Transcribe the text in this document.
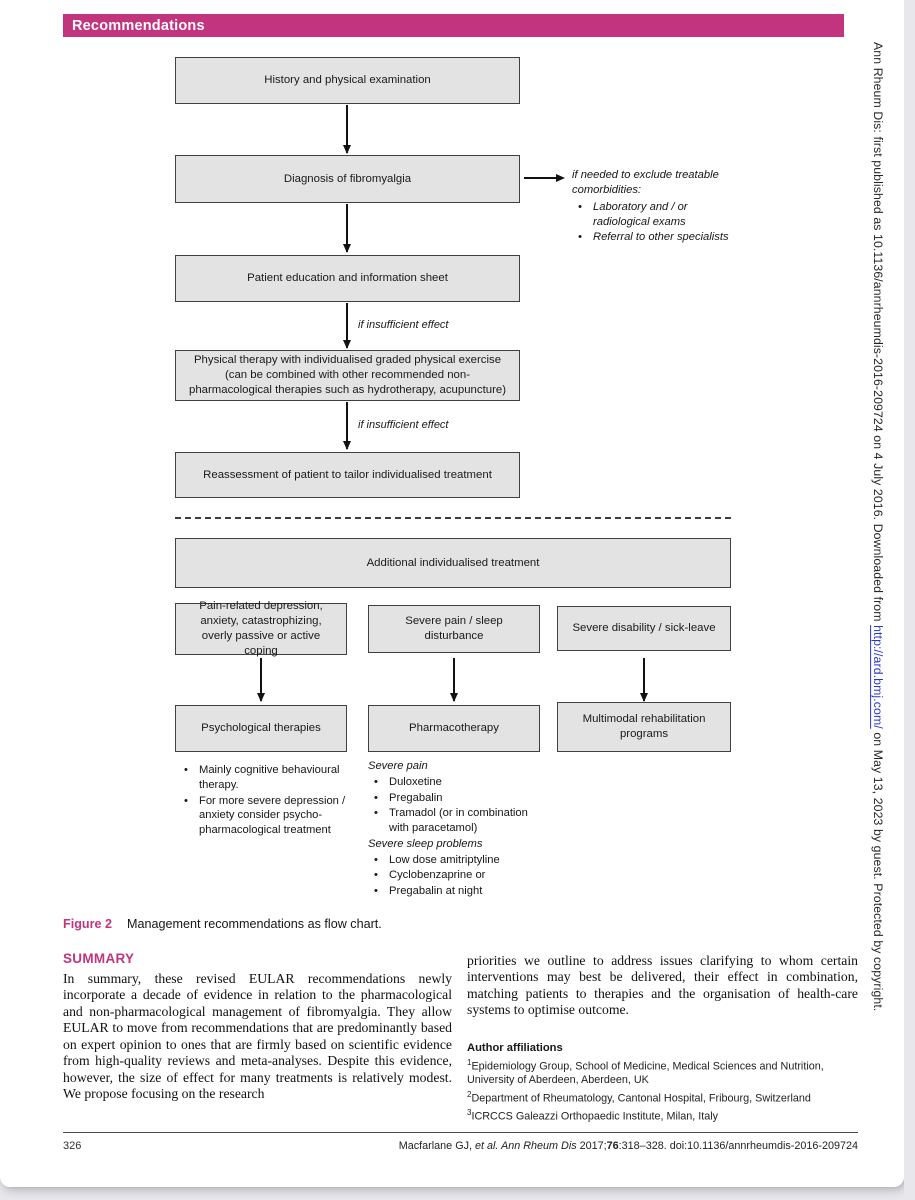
Recommendations
History and physical examination
Diagnosis of fibromyalgia	if needed to exclude treatable comorbidities:
• Laboratory and / or radiological exams
• Referral to other specialists
Patient education and information sheet
if insufficient effect
Physical therapy with individualised graded physical exercise (can be combined with other recommended non-pharmacological therapies such as hydrotherapy, acupuncture)
if insufficient effect
Reassessment of patient to tailor individualised treatment
Additional individualised treatment
Pain-related depression, anxiety, catastrophizing, overly passive or active coping
Severe pain / sleep disturbance
Severe disability / sick-leave
Psychological therapies	Pharmacotherapy
Multimodal rehabilitation programs
• Mainly cognitive behavioural therapy.
• For more severe depression / anxiety consider psycho-pharmacological treatment
Severe pain
• Duloxetine
• Pregabalin
• Tramadol (or in combination with paracetamol)
Severe sleep problems
• Low dose amitriptyline
• Cyclobenzaprine or
• Pregabalin at night
Figure 2 Management recommendations as flow chart.
SUMMARY
In summary, these revised EULAR recommendations newly incorporate a decade of evidence in relation to the pharmacological and non-pharmacological management of fibromyalgia. They allow EULAR to move from recommendations that are predominantly based on expert opinion to ones that are firmly based on scientific evidence from high-quality reviews and meta-analyses. Despite this evidence, however, the size of effect for many treatments is relatively modest. We propose focusing on the research
priorities we outline to address issues clarifying to whom certain interventions may best be delivered, their effect in combination, matching patients to therapies and the organisation of health-care systems to optimise outcome.
Author affiliations
$^1$Epidemiology Group, School of Medicine, Medical Sciences and Nutrition, University of Aberdeen, Aberdeen, UK
$^2$Department of Rheumatology, Cantonal Hospital, Fribourg, Switzerland
$^3$ICRCCS Galeazzi Orthopaedic Institute, Milan, Italy
326	Macfarlane GJ, et al. Ann Rheum Dis 2017;76:318–328. doi:10.1136/annrheumdis-2016-209724
Ann Rheum Dis: first published as 10.1136/annrheumdis-2016-209724 on 4 July 2016. Downloaded from http://ard.bmj.com/ on May 13, 2023 by guest. Protected by copyright.
